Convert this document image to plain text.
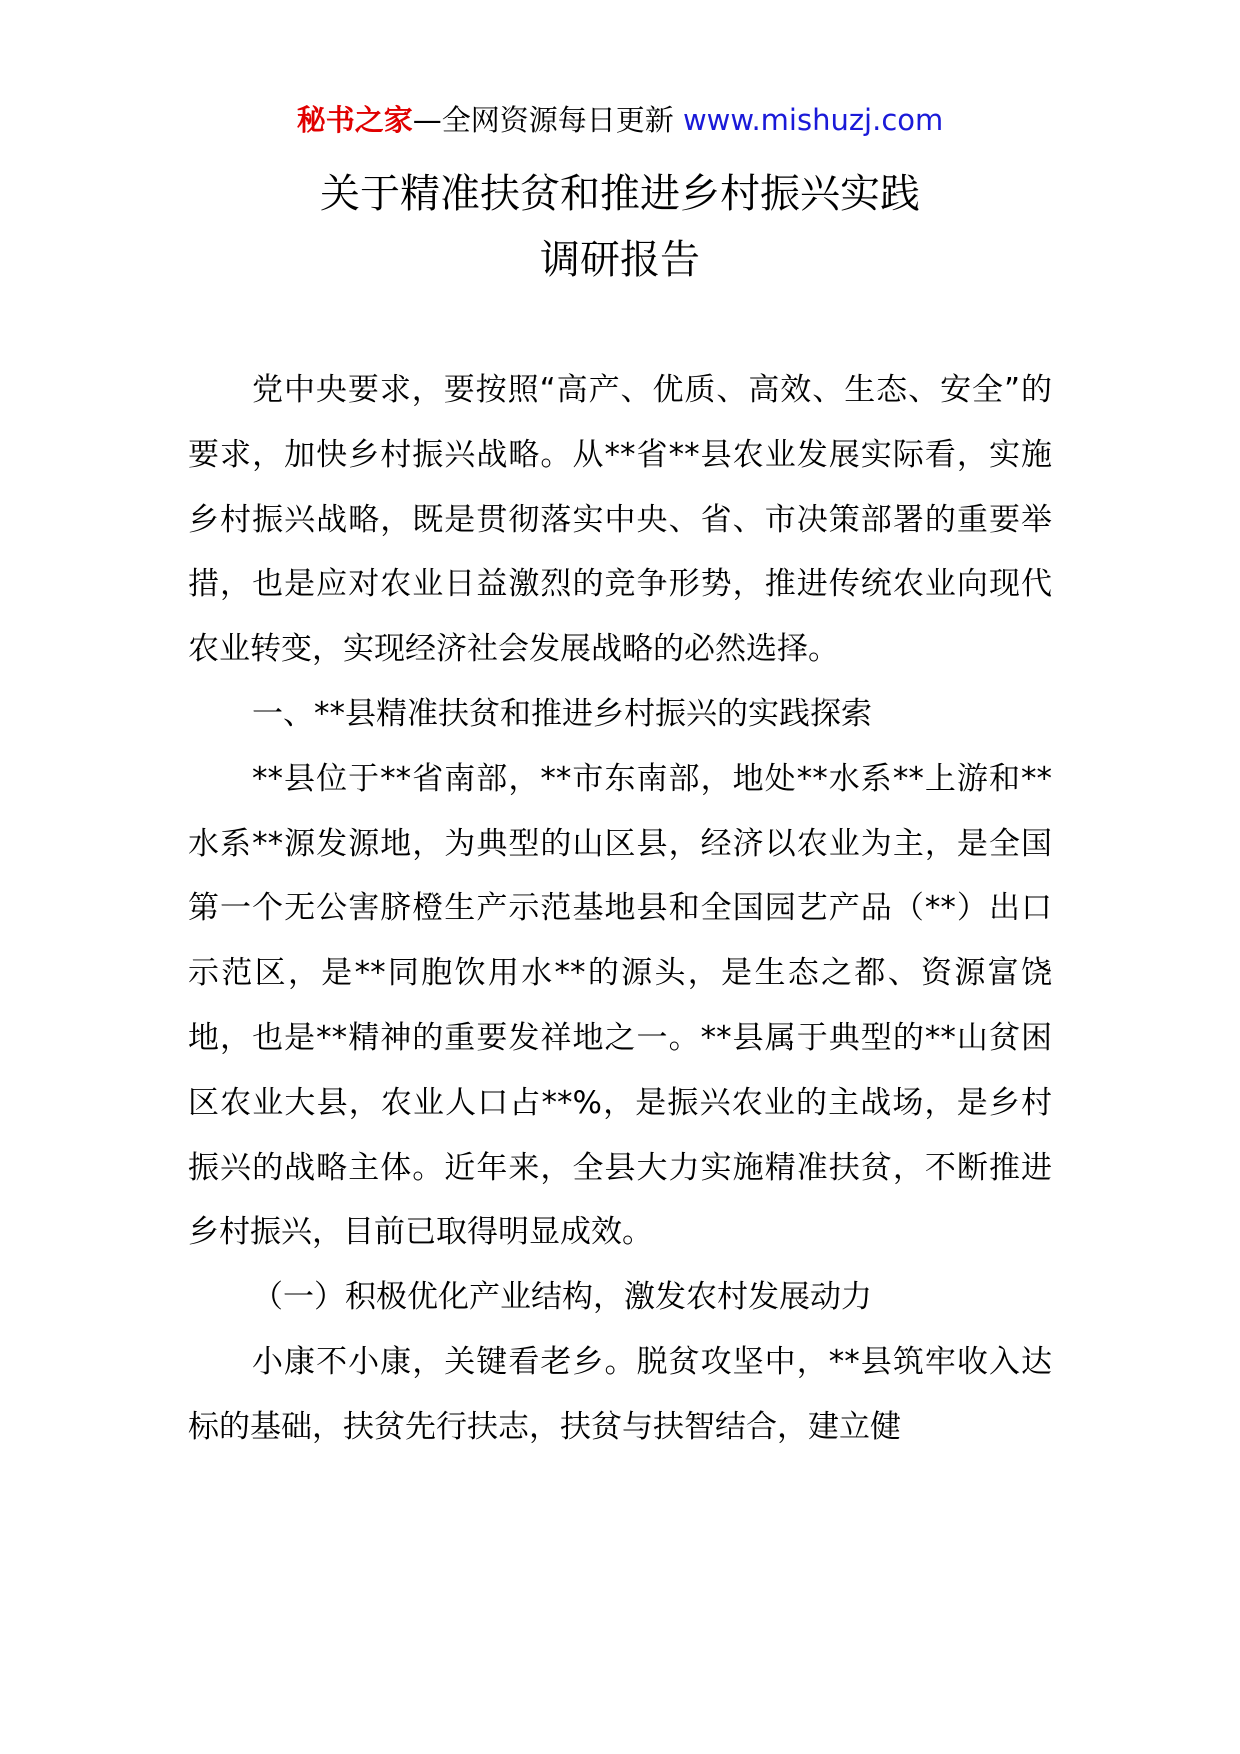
秘书之家—全网资源每日更新 www.mishuzj.com
关于精准扶贫和推进乡村振兴实践
调研报告

党中央要求，要按照“高产、优质、高效、生态、安全”的要求，加快乡村振兴战略。从**省**县农业发展实际看，实施乡村振兴战略，既是贯彻落实中央、省、市决策部署的重要举措，也是应对农业日益激烈的竞争形势，推进传统农业向现代农业转变，实现经济社会发展战略的必然选择。

一、**县精准扶贫和推进乡村振兴的实践探索

**县位于**省南部，**市东南部，地处**水系**上游和**水系**源发源地，为典型的山区县，经济以农业为主，是全国第一个无公害脐橙生产示范基地县和全国园艺产品（**）出口示范区，是**同胞饮用水**的源头，是生态之都、资源富饶地，也是**精神的重要发祥地之一。**县属于典型的**山贫困区农业大县，农业人口占**%，是振兴农业的主战场，是乡村振兴的战略主体。近年来，全县大力实施精准扶贫，不断推进乡村振兴，目前已取得明显成效。

（一）积极优化产业结构，激发农村发展动力

小康不小康，关键看老乡。脱贫攻坚中，**县筑牢收入达标的基础，扶贫先行扶志，扶贫与扶智结合，建立健
